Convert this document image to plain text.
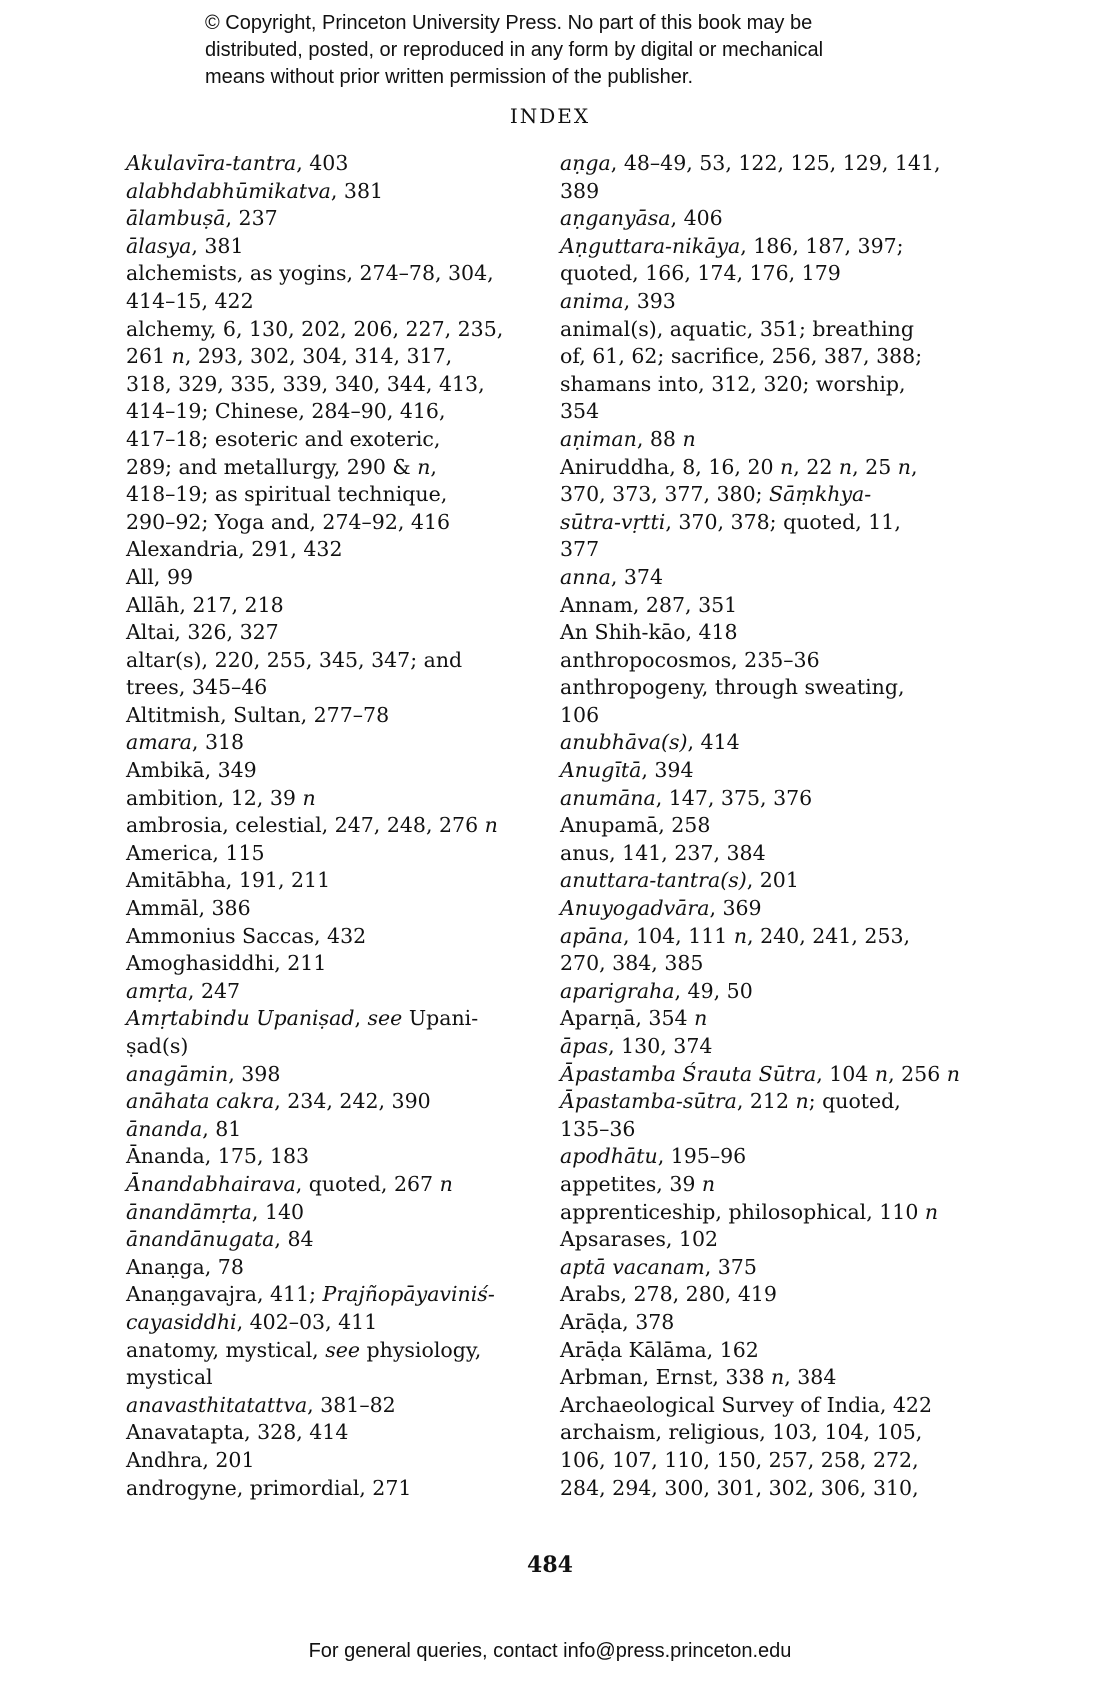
© Copyright, Princeton University Press. No part of this book may be
distributed, posted, or reproduced in any form by digital or mechanical
means without prior written permission of the publisher.
INDEX
Akulavīra-tantra, 403
alabhdabhūmikatva, 381
ālambuṣā, 237
ālasya, 381
alchemists, as yogins, 274–78, 304,
414–15, 422
alchemy, 6, 130, 202, 206, 227, 235,
261 n, 293, 302, 304, 314, 317,
318, 329, 335, 339, 340, 344, 413,
414–19; Chinese, 284–90, 416,
417–18; esoteric and exoteric,
289; and metallurgy, 290 & n,
418–19; as spiritual technique,
290–92; Yoga and, 274–92, 416
Alexandria, 291, 432
All, 99
Allāh, 217, 218
Altai, 326, 327
altar(s), 220, 255, 345, 347; and
trees, 345–46
Altitmish, Sultan, 277–78
amara, 318
Ambikā, 349
ambition, 12, 39 n
ambrosia, celestial, 247, 248, 276 n
America, 115
Amitābha, 191, 211
Ammāl, 386
Ammonius Saccas, 432
Amoghasiddhi, 211
amṛta, 247
Amṛtabindu Upaniṣad, see Upani-
ṣad(s)
anagāmin, 398
anāhata cakra, 234, 242, 390
ānanda, 81
Ānanda, 175, 183
Ānandabhairava, quoted, 267 n
ānandāmṛta, 140
ānandānugata, 84
Anaṇga, 78
Anaṇgavajra, 411; Prajñopāyaviniś-
cayasiddhi, 402–03, 411
anatomy, mystical, see physiology,
mystical
anavasthitatattva, 381–82
Anavatapta, 328, 414
Andhra, 201
androgyne, primordial, 271
aṇga, 48–49, 53, 122, 125, 129, 141,
389
aṇganyāsa, 406
Aṇguttara-nikāya, 186, 187, 397;
quoted, 166, 174, 176, 179
anima, 393
animal(s), aquatic, 351; breathing
of, 61, 62; sacrifice, 256, 387, 388;
shamans into, 312, 320; worship,
354
aṇiman, 88 n
Aniruddha, 8, 16, 20 n, 22 n, 25 n,
370, 373, 377, 380; Sāṃkhya-
sūtra-vṛtti, 370, 378; quoted, 11,
377
anna, 374
Annam, 287, 351
An Shih-kāo, 418
anthropocosmos, 235–36
anthropogeny, through sweating,
106
anubhāva(s), 414
Anugītā, 394
anumāna, 147, 375, 376
Anupamā, 258
anus, 141, 237, 384
anuttara-tantra(s), 201
Anuyogadvāra, 369
apāna, 104, 111 n, 240, 241, 253,
270, 384, 385
aparigraha, 49, 50
Aparṇā, 354 n
āpas, 130, 374
Āpastamba Śrauta Sūtra, 104 n, 256 n
Āpastamba-sūtra, 212 n; quoted,
135–36
apodhātu, 195–96
appetites, 39 n
apprenticeship, philosophical, 110 n
Apsarases, 102
aptā vacanam, 375
Arabs, 278, 280, 419
Arāḍa, 378
Arāḍa Kālāma, 162
Arbman, Ernst, 338 n, 384
Archaeological Survey of India, 422
archaism, religious, 103, 104, 105,
106, 107, 110, 150, 257, 258, 272,
284, 294, 300, 301, 302, 306, 310,
484
For general queries, contact info@press.princeton.edu
